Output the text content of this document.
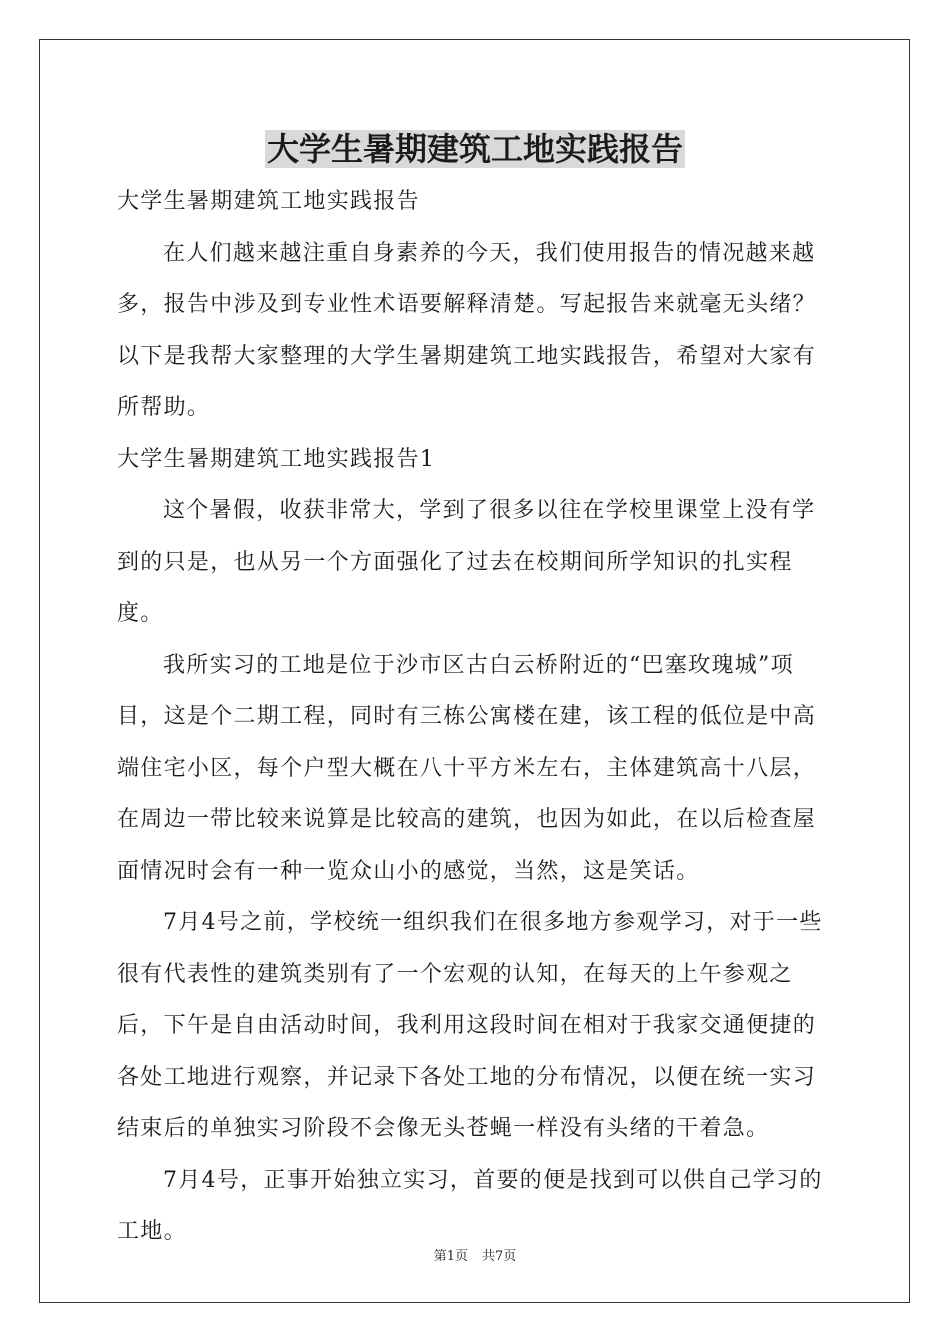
大学生暑期建筑工地实践报告

大学生暑期建筑工地实践报告

在人们越来越注重自身素养的今天，我们使用报告的情况越来越多，报告中涉及到专业性术语要解释清楚。写起报告来就毫无头绪？以下是我帮大家整理的大学生暑期建筑工地实践报告，希望对大家有所帮助。

大学生暑期建筑工地实践报告1

这个暑假，收获非常大，学到了很多以往在学校里课堂上没有学到的只是，也从另一个方面强化了过去在校期间所学知识的扎实程度。

我所实习的工地是位于沙市区古白云桥附近的“巴塞玫瑰城”项目，这是个二期工程，同时有三栋公寓楼在建，该工程的低位是中高端住宅小区，每个户型大概在八十平方米左右，主体建筑高十八层，在周边一带比较来说算是比较高的建筑，也因为如此，在以后检查屋面情况时会有一种一览众山小的感觉，当然，这是笑话。

7月4号之前，学校统一组织我们在很多地方参观学习，对于一些很有代表性的建筑类别有了一个宏观的认知，在每天的上午参观之后，下午是自由活动时间，我利用这段时间在相对于我家交通便捷的各处工地进行观察，并记录下各处工地的分布情况，以便在统一实习结束后的单独实习阶段不会像无头苍蝇一样没有头绪的干着急。

7月4号，正事开始独立实习，首要的便是找到可以供自己学习的工地。

第1页 共7页
